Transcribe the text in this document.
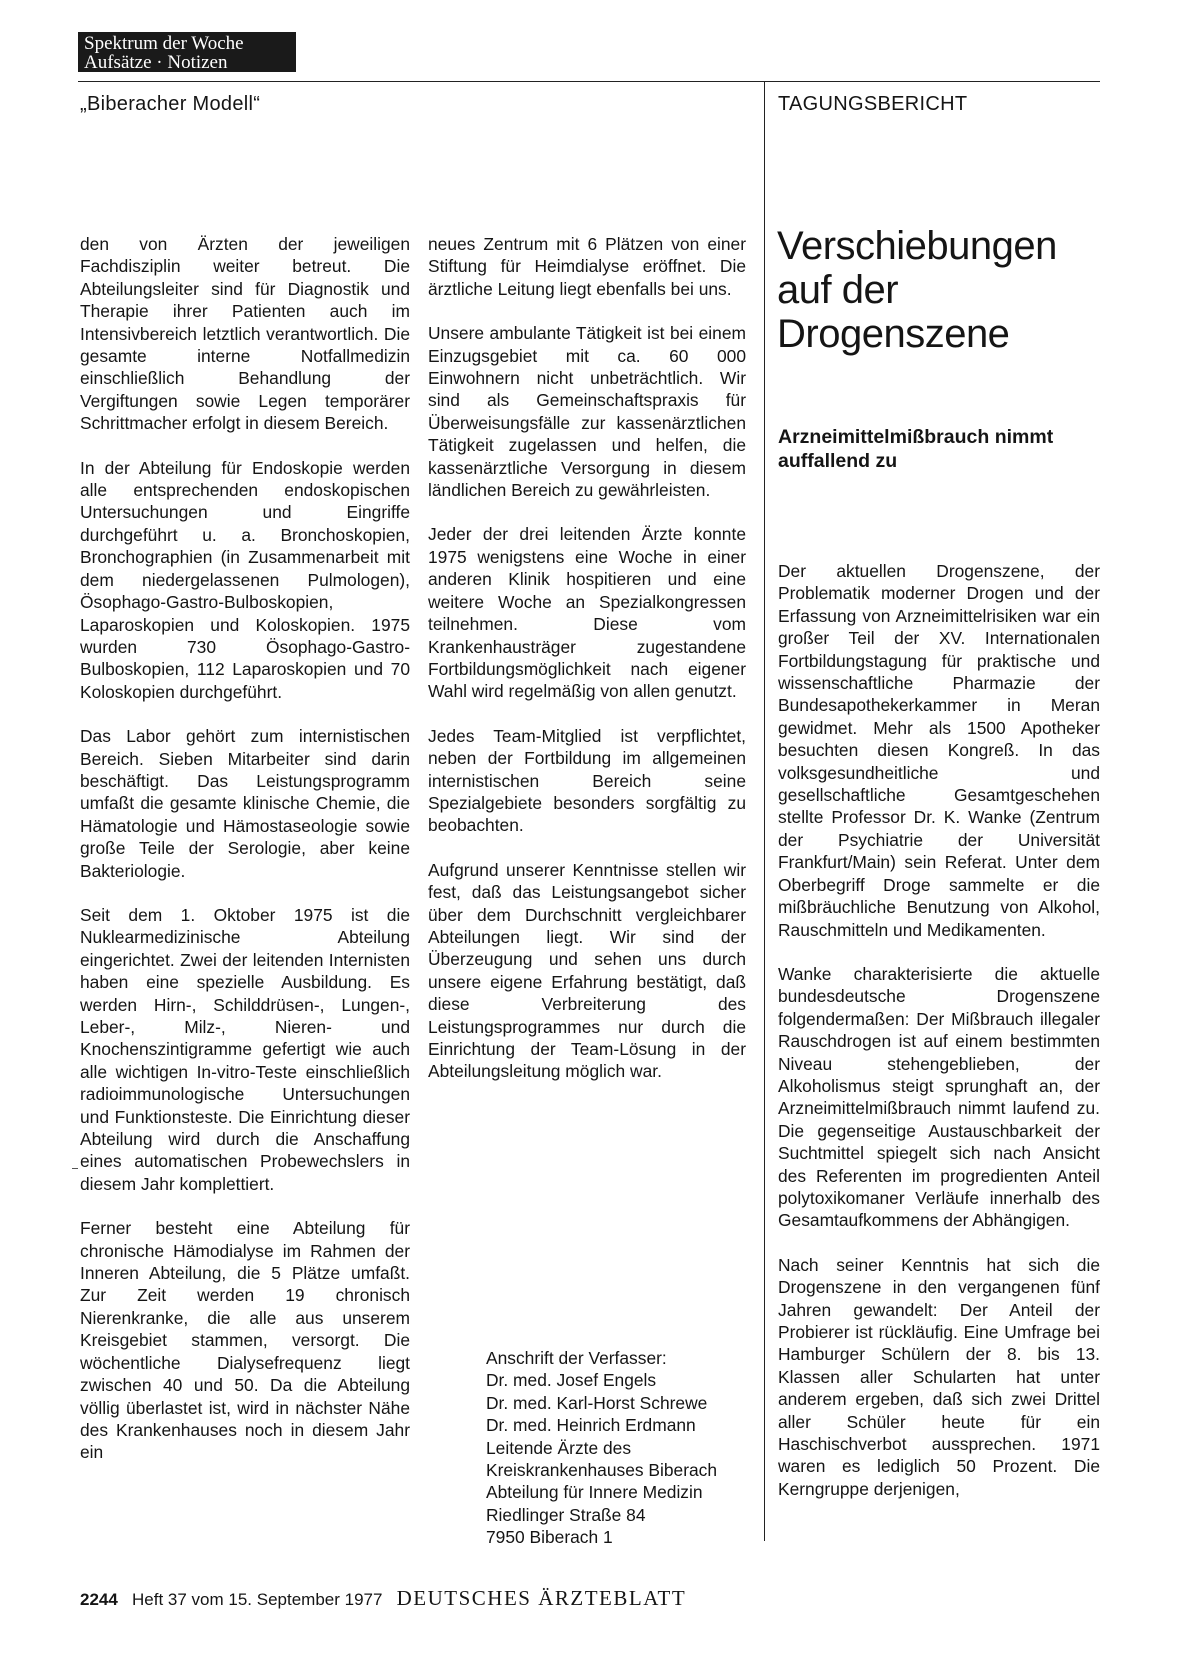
Spektrum der Woche
Aufsätze · Notizen
„Biberacher Modell“	TAGUNGSBERICHT

den von Ärzten der jeweiligen Fachdisziplin weiter betreut. Die Abteilungsleiter sind für Diagnostik und Therapie ihrer Patienten auch im Intensivbereich letztlich verantwortlich. Die gesamte interne Notfallmedizin einschließlich Behandlung der Vergiftungen sowie Legen temporärer Schrittmacher erfolgt in diesem Bereich.

In der Abteilung für Endoskopie werden alle entsprechenden endoskopischen Untersuchungen und Eingriffe durchgeführt u. a. Bronchoskopien, Bronchographien (in Zusammenarbeit mit dem niedergelassenen Pulmologen), Ösophago-Gastro-Bulboskopien, Laparoskopien und Koloskopien. 1975 wurden 730 Ösophago-Gastro-Bulboskopien, 112 Laparoskopien und 70 Koloskopien durchgeführt.

Das Labor gehört zum internistischen Bereich. Sieben Mitarbeiter sind darin beschäftigt. Das Leistungsprogramm umfaßt die gesamte klinische Chemie, die Hämatologie und Hämostaseologie sowie große Teile der Serologie, aber keine Bakteriologie.

Seit dem 1. Oktober 1975 ist die Nuklearmedizinische Abteilung eingerichtet. Zwei der leitenden Internisten haben eine spezielle Ausbildung. Es werden Hirn-, Schilddrüsen-, Lungen-, Leber-, Milz-, Nieren- und Knochenszintigramme gefertigt wie auch alle wichtigen In-vitro-Teste einschließlich radioimmunologische Untersuchungen und Funktionsteste. Die Einrichtung dieser Abteilung wird durch die Anschaffung eines automatischen Probewechslers in diesem Jahr komplettiert.

Ferner besteht eine Abteilung für chronische Hämodialyse im Rahmen der Inneren Abteilung, die 5 Plätze umfaßt. Zur Zeit werden 19 chronisch Nierenkranke, die alle aus unserem Kreisgebiet stammen, versorgt. Die wöchentliche Dialysefrequenz liegt zwischen 40 und 50. Da die Abteilung völlig überlastet ist, wird in nächster Nähe des Krankenhauses noch in diesem Jahr ein

neues Zentrum mit 6 Plätzen von einer Stiftung für Heimdialyse eröffnet. Die ärztliche Leitung liegt ebenfalls bei uns.

Unsere ambulante Tätigkeit ist bei einem Einzugsgebiet mit ca. 60 000 Einwohnern nicht unbeträchtlich. Wir sind als Gemeinschaftspraxis für Überweisungsfälle zur kassenärztlichen Tätigkeit zugelassen und helfen, die kassenärztliche Versorgung in diesem ländlichen Bereich zu gewährleisten.

Jeder der drei leitenden Ärzte konnte 1975 wenigstens eine Woche in einer anderen Klinik hospitieren und eine weitere Woche an Spezialkongressen teilnehmen. Diese vom Krankenhausträger zugestandene Fortbildungsmöglichkeit nach eigener Wahl wird regelmäßig von allen genutzt.

Jedes Team-Mitglied ist verpflichtet, neben der Fortbildung im allgemeinen internistischen Bereich seine Spezialgebiete besonders sorgfältig zu beobachten.

Aufgrund unserer Kenntnisse stellen wir fest, daß das Leistungsangebot sicher über dem Durchschnitt vergleichbarer Abteilungen liegt. Wir sind der Überzeugung und sehen uns durch unsere eigene Erfahrung bestätigt, daß diese Verbreiterung des Leistungsprogrammes nur durch die Einrichtung der Team-Lösung in der Abteilungsleitung möglich war.

Anschrift der Verfasser:
Dr. med. Josef Engels
Dr. med. Karl-Horst Schrewe
Dr. med. Heinrich Erdmann
Leitende Ärzte des
Kreiskrankenhauses Biberach
Abteilung für Innere Medizin
Riedlinger Straße 84
7950 Biberach 1
Verschiebungen auf der Drogenszene
Arzneimittelmißbrauch nimmt auffallend zu

Der aktuellen Drogenszene, der Problematik moderner Drogen und der Erfassung von Arzneimittelrisiken war ein großer Teil der XV. Internationalen Fortbildungstagung für praktische und wissenschaftliche Pharmazie der Bundesapothekerkammer in Meran gewidmet. Mehr als 1500 Apotheker besuchten diesen Kongreß. In das volksgesundheitliche und gesellschaftliche Gesamtgeschehen stellte Professor Dr. K. Wanke (Zentrum der Psychiatrie der Universität Frankfurt/Main) sein Referat. Unter dem Oberbegriff Droge sammelte er die mißbräuchliche Benutzung von Alkohol, Rauschmitteln und Medikamenten.

Wanke charakterisierte die aktuelle bundesdeutsche Drogenszene folgendermaßen: Der Mißbrauch illegaler Rauschdrogen ist auf einem bestimmten Niveau stehengeblieben, der Alkoholismus steigt sprunghaft an, der Arzneimittelmißbrauch nimmt laufend zu. Die gegenseitige Austauschbarkeit der Suchtmittel spiegelt sich nach Ansicht des Referenten im progredienten Anteil polytoxikomaner Verläufe innerhalb des Gesamtaufkommens der Abhängigen.

Nach seiner Kenntnis hat sich die Drogenszene in den vergangenen fünf Jahren gewandelt: Der Anteil der Probierer ist rückläufig. Eine Umfrage bei Hamburger Schülern der 8. bis 13. Klassen aller Schularten hat unter anderem ergeben, daß sich zwei Drittel aller Schüler heute für ein Haschischverbot aussprechen. 1971 waren es lediglich 50 Prozent. Die Kerngruppe derjenigen,

2244 Heft 37 vom 15. September 1977 DEUTSCHES ÄRZTEBLATT
